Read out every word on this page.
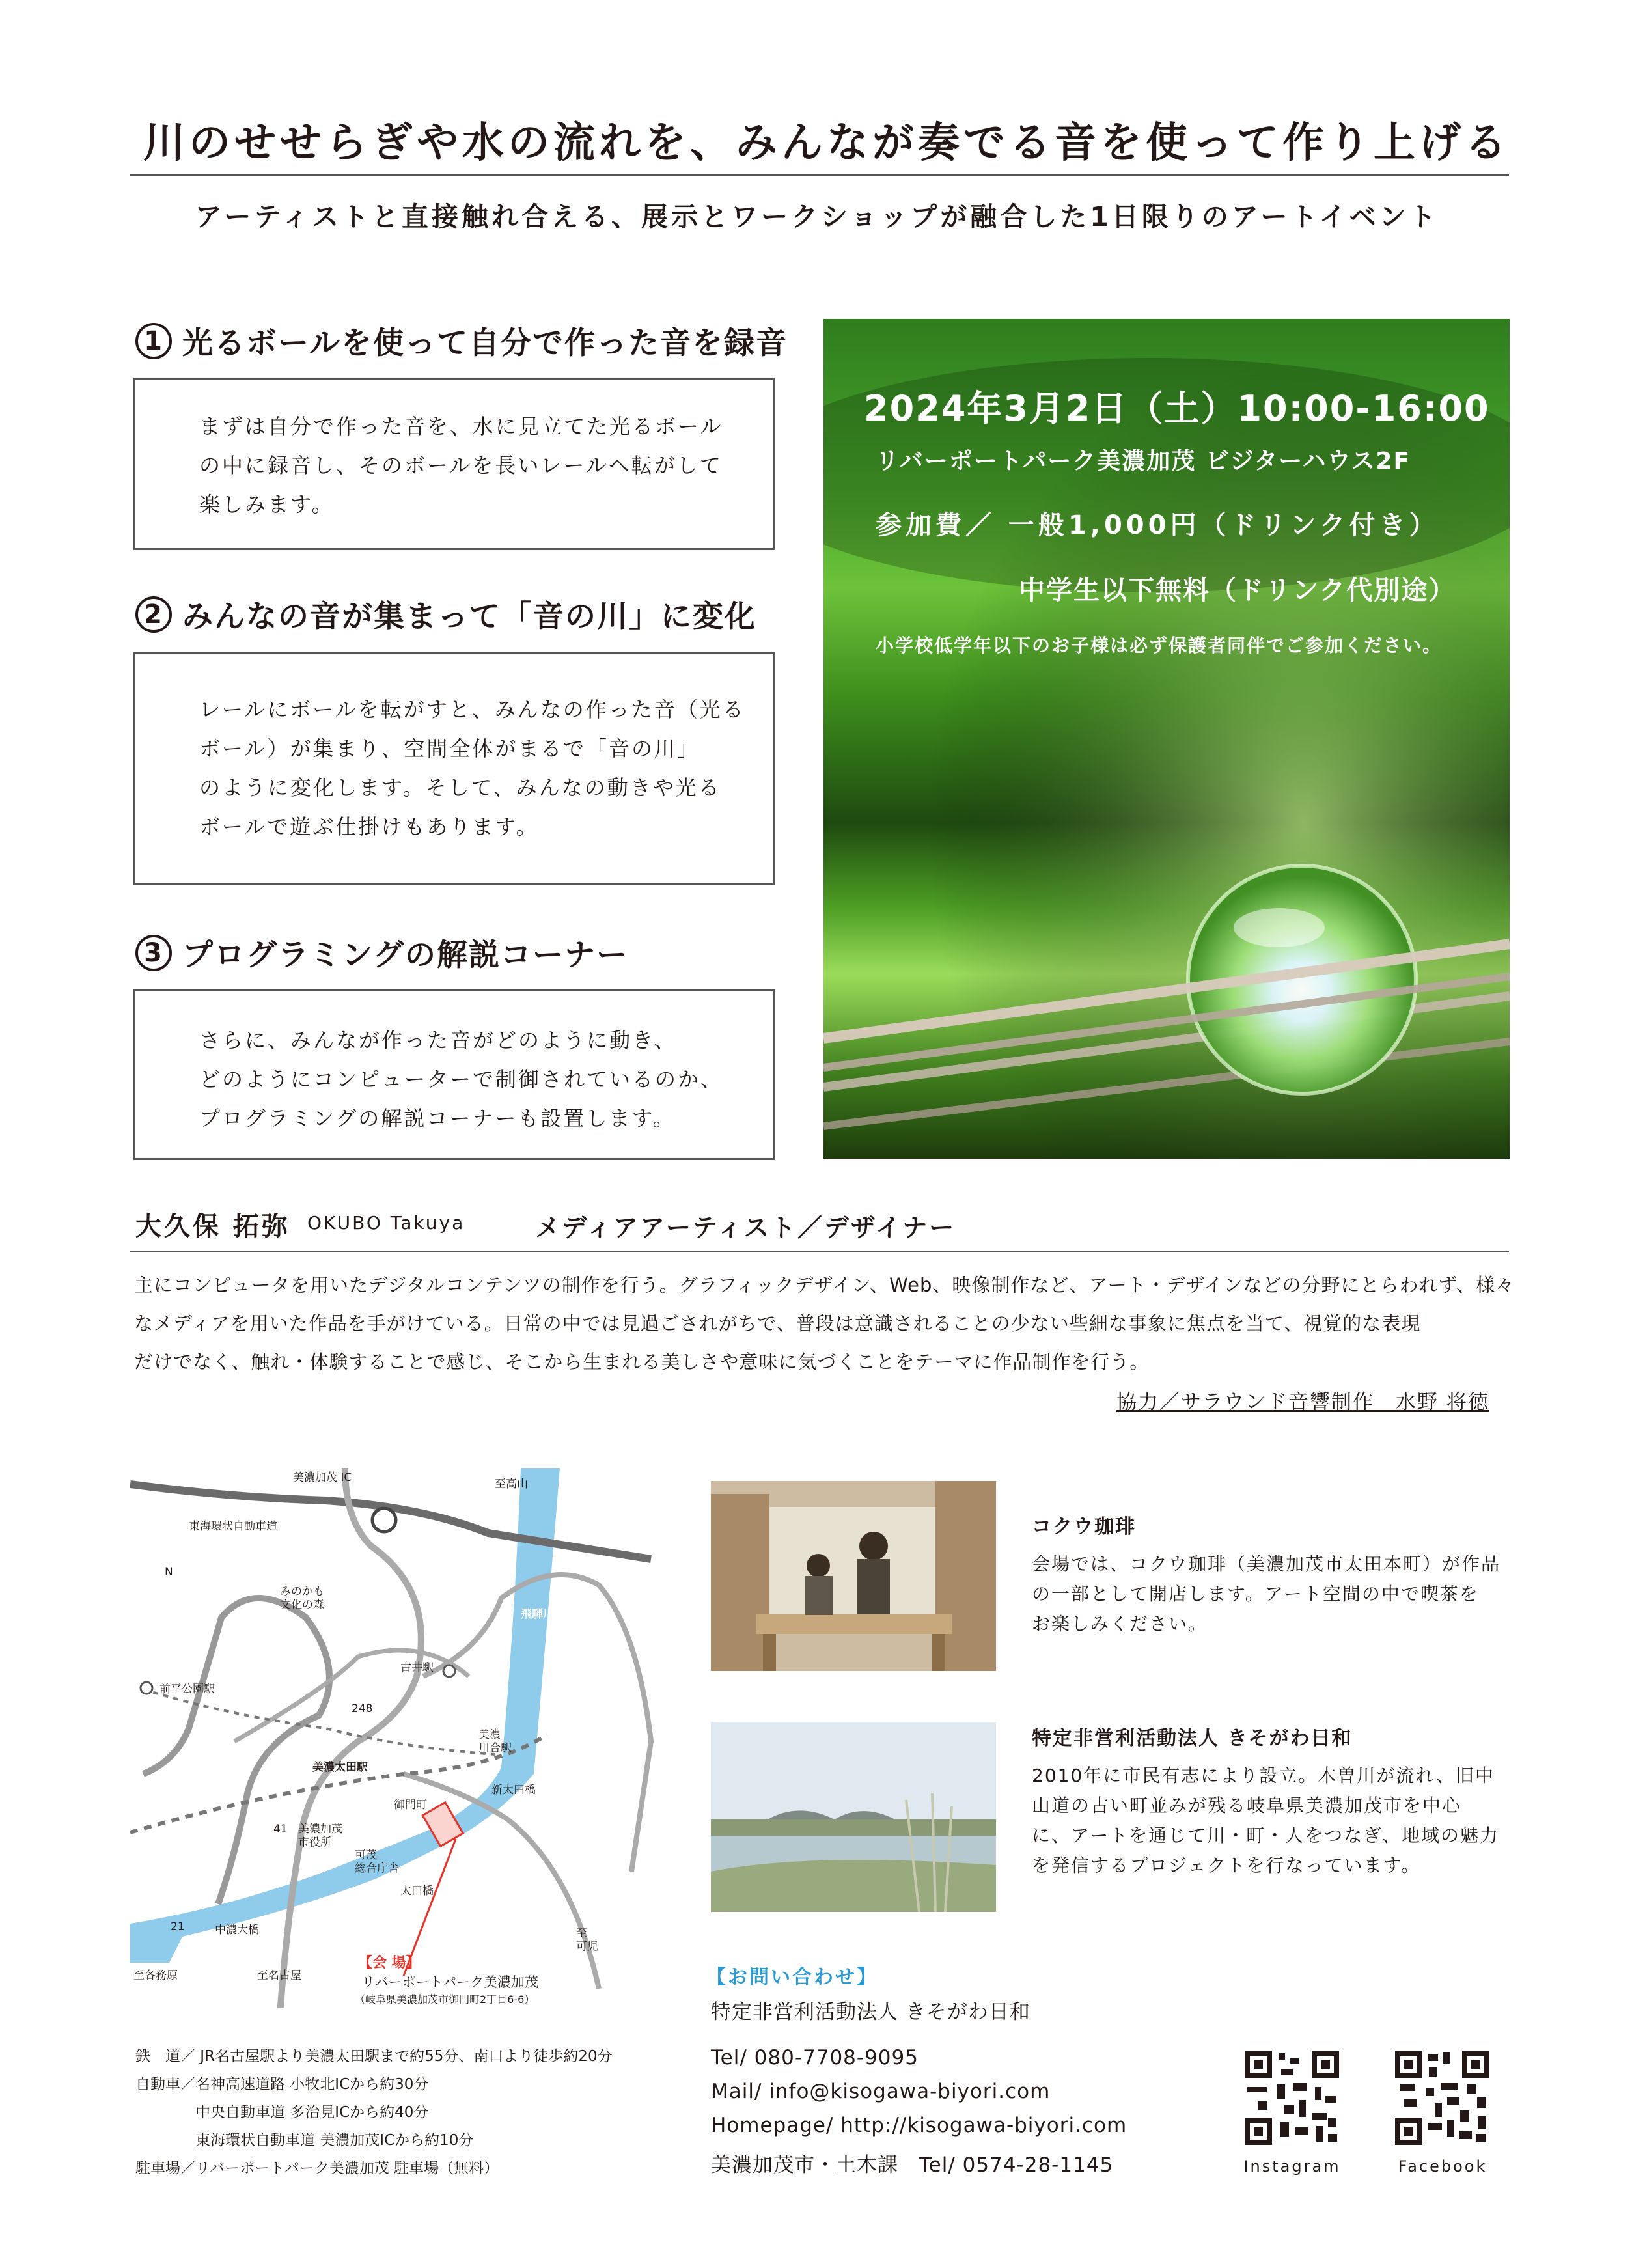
川のせせらぎや水の流れを、みんなが奏でる音を使って作り上げる
アーティストと直接触れ合える、展示とワークショップが融合した1日限りのアートイベント
1 光るボールを使って自分で作った音を録音
まずは自分で作った音を、水に見立てた光るボール
の中に録音し、そのボールを長いレールへ転がして
楽しみます。
2 みんなの音が集まって「音の川」に変化
レールにボールを転がすと、みんなの作った音（光る
ボール）が集まり、空間全体がまるで「音の川」
のように変化します。そして、みんなの動きや光る
ボールで遊ぶ仕掛けもあります。
3 プログラミングの解説コーナー
さらに、みんなが作った音がどのように動き、
どのようにコンピューターで制御されているのか、
プログラミングの解説コーナーも設置します。
2024年3月2日（土）10:00-16:00
リバーポートパーク美濃加茂 ビジターハウス2F
参加費／ 一般1,000円（ドリンク付き）
中学生以下無料（ドリンク代別途）
小学校低学年以下のお子様は必ず保護者同伴でご参加ください。
大久保 拓弥 OKUBO Takuya	メディアアーティスト／デザイナー
主にコンピュータを用いたデジタルコンテンツの制作を行う。グラフィックデザイン、Web、映像制作など、アート・デザインなどの分野にとらわれず、様々
なメディアを用いた作品を手がけている。日常の中では見過ごされがちで、普段は意識されることの少ない些細な事象に焦点を当て、視覚的な表現
だけでなく、触れ・体験することで感じ、そこから生まれる美しさや意味に気づくことをテーマに作品制作を行う。
協力／サラウンド音響制作　水野 将徳
美濃加茂 IC
東海環状自動車道
至高山
N
みのかも文化の森
飛騨川
古井駅
前平公園駅
248
美濃太田駅
美濃川合駅
新太田橋
41 美濃加茂市役所
御門町
可茂総合庁舎
太田橋
21	木曽川
中濃大橋
至各務原	至名古屋
至可児
【会 場】
リバーポートパーク美濃加茂
（岐阜県美濃加茂市御門町2丁目6-6）
鉄　道／ JR名古屋駅より美濃太田駅まで約55分、南口より徒歩約20分
自動車／名神高速道路 小牧北ICから約30分
　　　　中央自動車道 多治見ICから約40分
　　　　東海環状自動車道 美濃加茂ICから約10分
駐車場／リバーポートパーク美濃加茂 駐車場（無料）
コクウ珈琲
会場では、コクウ珈琲（美濃加茂市太田本町）が作品
の一部として開店します。アート空間の中で喫茶を
お楽しみください。
特定非営利活動法人 きそがわ日和
2010年に市民有志により設立。木曽川が流れ、旧中
山道の古い町並みが残る岐阜県美濃加茂市を中心
に、アートを通じて川・町・人をつなぎ、地域の魅力
を発信するプロジェクトを行なっています。
【お問い合わせ】
特定非営利活動法人 きそがわ日和
Tel/ 080-7708-9095
Mail/ info@kisogawa-biyori.com
Homepage/ http://kisogawa-biyori.com
美濃加茂市・土木課　Tel/ 0574-28-1145	Instagram	Facebook
